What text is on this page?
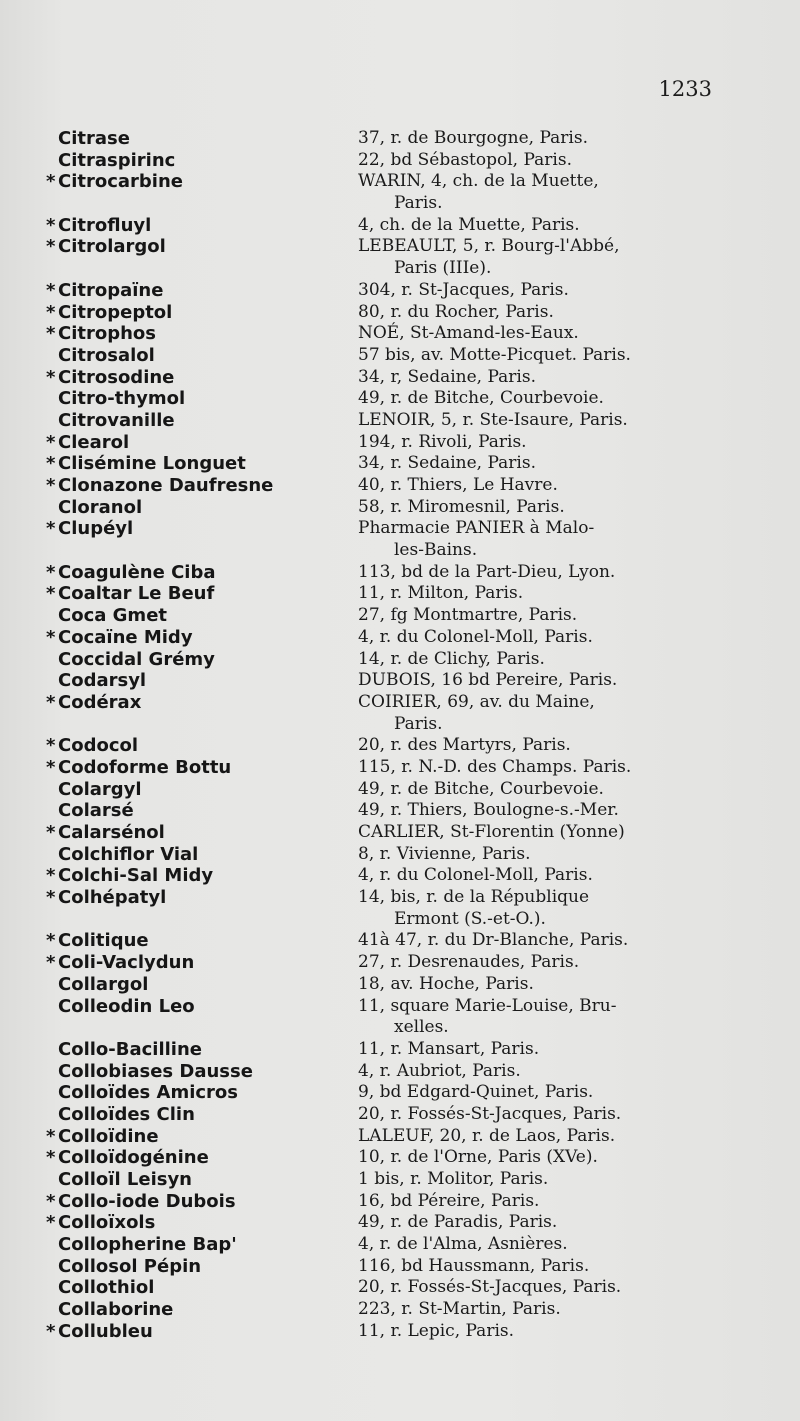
1233
Citrase	37, r. de Bourgogne, Paris.
Citraspirinc	22, bd Sébastopol, Paris.
* Citrocarbine	WARIN, 4, ch. de la Muette,
Paris.
* Citrofluyl	4, ch. de la Muette, Paris.
* Citrolargol	LEBEAULT, 5, r. Bourg-l'Abbé,
Paris (IIIe).
* Citropaïne	304, r. St-Jacques, Paris.
* Citropeptol	80, r. du Rocher, Paris.
* Citrophos	NOÉ, St-Amand-les-Eaux.
Citrosalol	57 bis, av. Motte-Picquet. Paris.
* Citrosodine	34, r, Sedaine, Paris.
Citro-thymol	49, r. de Bitche, Courbevoie.
Citrovanille	LENOIR, 5, r. Ste-Isaure, Paris.
* Clearol	194, r. Rivoli, Paris.
* Clisémine Longuet	34, r. Sedaine, Paris.
* Clonazone Daufresne	40, r. Thiers, Le Havre.
Cloranol	58, r. Miromesnil, Paris.
* Clupéyl	Pharmacie PANIER à Malo-
les-Bains.
* Coagulène Ciba	113, bd de la Part-Dieu, Lyon.
* Coaltar Le Beuf	11, r. Milton, Paris.
Coca Gmet	27, fg Montmartre, Paris.
* Cocaïne Midy	4, r. du Colonel-Moll, Paris.
Coccidal Grémy	14, r. de Clichy, Paris.
Codarsyl	DUBOIS, 16 bd Pereire, Paris.
* Codérax	COIRIER, 69, av. du Maine,
Paris.
* Codocol	20, r. des Martyrs, Paris.
* Codoforme Bottu	115, r. N.-D. des Champs. Paris.
Colargyl	49, r. de Bitche, Courbevoie.
Colarsé	49, r. Thiers, Boulogne-s.-Mer.
* Calarsénol	CARLIER, St-Florentin (Yonne)
Colchiflor Vial	8, r. Vivienne, Paris.
* Colchi-Sal Midy	4, r. du Colonel-Moll, Paris.
* Colhépatyl	14, bis, r. de la République
Ermont (S.-et-O.).
* Colitique	41à 47, r. du Dr-Blanche, Paris.
* Coli-Vaclydun	27, r. Desrenaudes, Paris.
Collargol	18, av. Hoche, Paris.
Colleodin Leo	11, square Marie-Louise, Bru-
xelles.
Collo-Bacilline	11, r. Mansart, Paris.
Collobiases Dausse	4, r. Aubriot, Paris.
Colloïdes Amicros	9, bd Edgard-Quinet, Paris.
Colloïdes Clin	20, r. Fossés-St-Jacques, Paris.
* Colloïdine	LALEUF, 20, r. de Laos, Paris.
* Colloïdogénine	10, r. de l'Orne, Paris (XVe).
Colloïl Leisyn	1 bis, r. Molitor, Paris.
* Collo-iode Dubois	16, bd Péreire, Paris.
* Colloïxols	49, r. de Paradis, Paris.
Collopherine Bap'	4, r. de l'Alma, Asnières.
Collosol Pépin	116, bd Haussmann, Paris.
Collothiol	20, r. Fossés-St-Jacques, Paris.
Collaborine	223, r. St-Martin, Paris.
* Collubleu	11, r. Lepic, Paris.
